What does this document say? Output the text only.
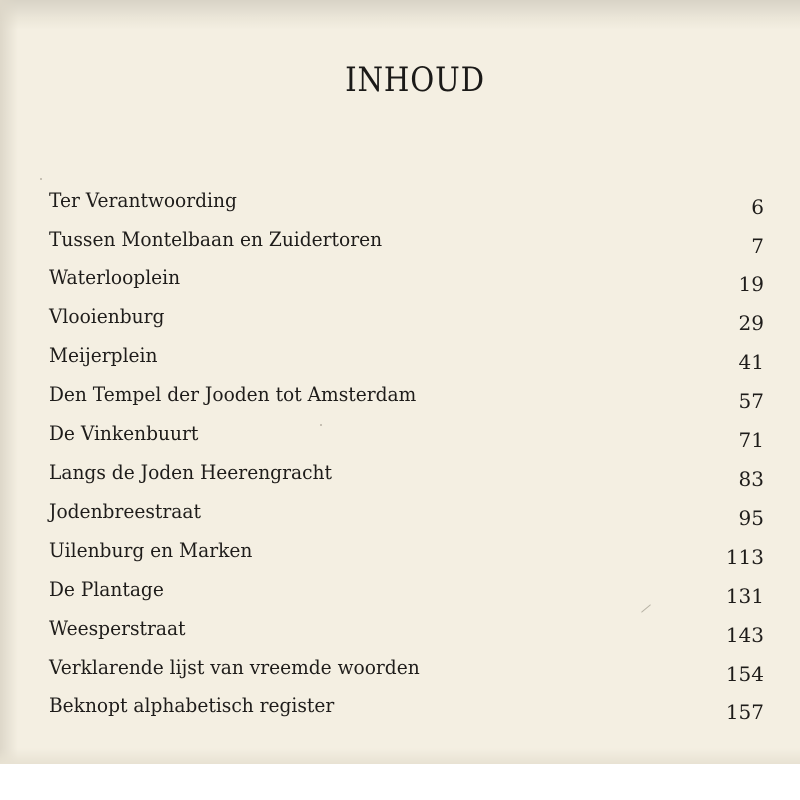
INHOUD
Ter Verantwoording	6
Tussen Montelbaan en Zuidertoren	7
Waterlooplein	19
Vlooienburg	29
Meijerplein	41
Den Tempel der Jooden tot Amsterdam	57
De Vinkenbuurt	71
Langs de Joden Heerengracht	83
Jodenbreestraat	95
Uilenburg en Marken	113
De Plantage	131
Weesperstraat	143
Verklarende lijst van vreemde woorden	154
Beknopt alphabetisch register	157
